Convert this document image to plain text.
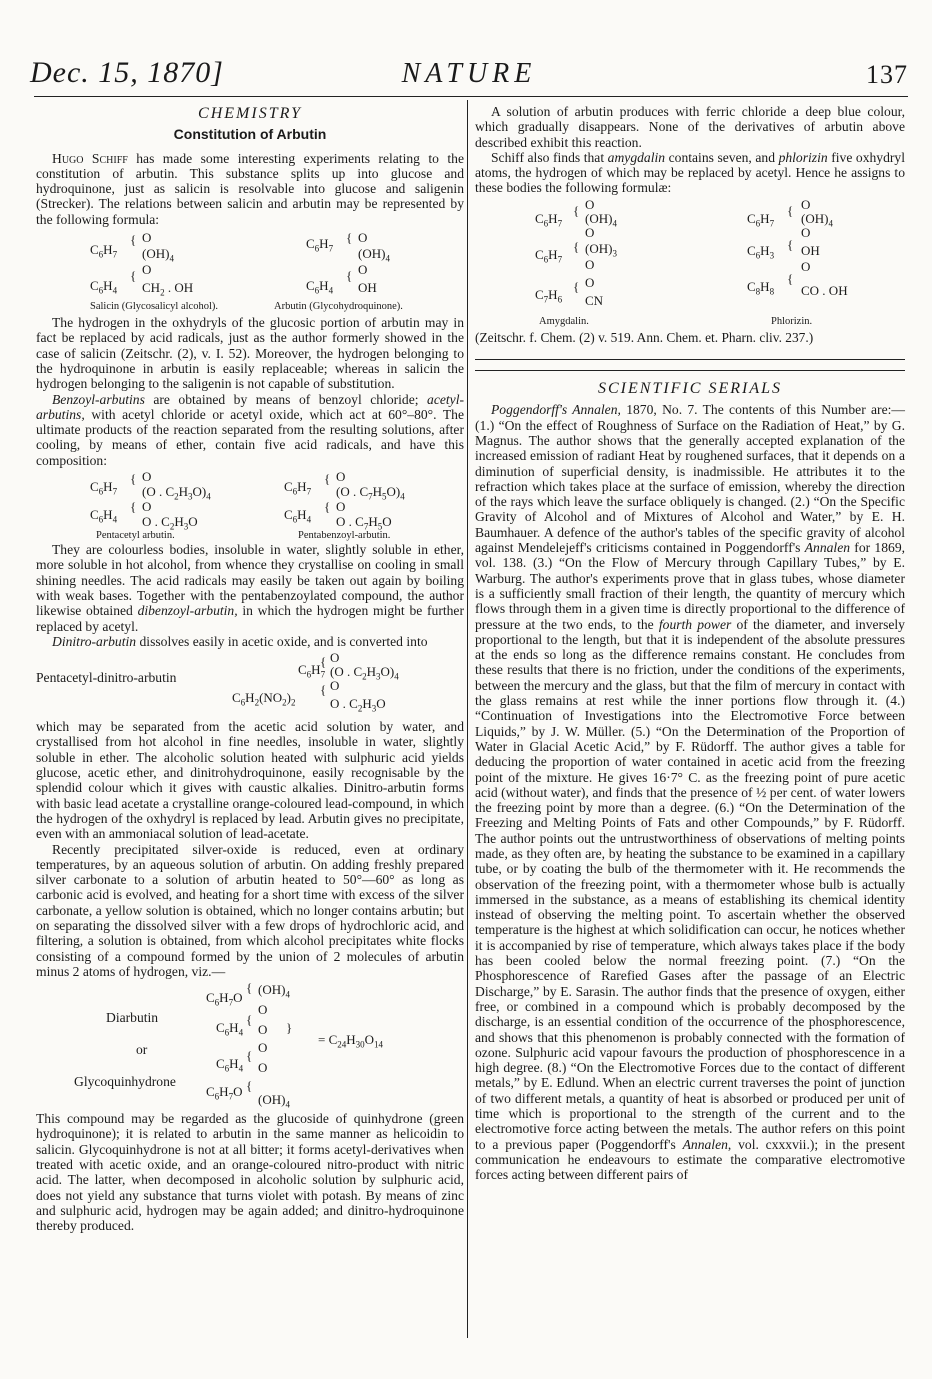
Dec. 15, 1870]	NATURE	137
CHEMISTRY
Constitution of Arbutin

Hugo Schiff has made some interesting experiments relating to the constitution of arbutin. This substance splits up into glucose and hydroquinone, just as salicin is resolvable into glucose and saligenin (Strecker). The relations between salicin and arbutin may be represented by the following formula:

$C_6H_7$
{ O
$(OH)_4$
O
$C_6H_4$
{
$CH_2$ . OH
$C_6H_7$
{ O
$(OH)_4$
O
$C_6H_4$
{
OH
Salicin (Glycosalicyl alcohol).	Arbutin (Glycohydroquinone).

The hydrogen in the oxhydryls of the glucosic portion of arbutin may in fact be replaced by acid radicals, just as the author formerly showed in the case of salicin (Zeitschr. (2), v. I. 52). Moreover, the hydrogen belonging to the hydroquinone in arbutin is easily replaceable; whereas in salicin the hydrogen belonging to the saligenin is not capable of substitution.

Benzoyl-arbutins are obtained by means of benzoyl chloride; acetyl-arbutins, with acetyl chloride or acetyl oxide, which act at 60°–80°. The ultimate products of the reaction separated from the resulting solutions, after cooling, by means of ether, contain five acid radicals, and have this composition:

$C_6H_7$
{ O
(O . $C_2H_3O)_4$
O
$C_6H_4$
{
O . $C_2H_3O$
$C_6H_7$
{ O
(O . $C_7H_5O)_4$
O
$C_6H_4$
{
O . $C_7H_5O$
Pentacetyl arbutin.	Pentabenzoyl-arbutin.

They are colourless bodies, insoluble in water, slightly soluble in ether, more soluble in hot alcohol, from whence they crystallise on cooling in small shining needles. The acid radicals may easily be taken out again by boiling with weak bases. Together with the pentabenzoylated compound, the author likewise obtained dibenzoyl-arbutin, in which the hydrogen might be further replaced by acetyl.

Dinitro-arbutin dissolves easily in acetic oxide, and is converted into

Pentacetyl-dinitro-arbutin
O
$C_6H_7$
{
(O . $C_2H_3O)_4$
O
$C_6H_2(NO_2)_2$
{
O . $C_2H_3O$

which may be separated from the acetic acid solution by water, and crystallised from hot alcohol in fine needles, insoluble in water, slightly soluble in ether. The alcoholic solution heated with sulphuric acid yields glucose, acetic ether, and dinitrohydroquinone, easily recognisable by the splendid colour which it gives with caustic alkalies. Dinitro-arbutin forms with basic lead acetate a crystalline orange-coloured lead-compound, in which the hydrogen of the oxhydryl is replaced by lead. Arbutin gives no precipitate, even with an ammoniacal solution of lead-acetate.

Recently precipitated silver-oxide is reduced, even at ordinary temperatures, by an aqueous solution of arbutin. On adding freshly prepared silver carbonate to a solution of arbutin heated to 50°—60° as long as carbonic acid is evolved, and heating for a short time with excess of the silver carbonate, a yellow solution is obtained, which no longer contains arbutin; but on separating the dissolved silver with a few drops of hydrochloric acid, and filtering, a solution is obtained, from which alcohol precipitates white flocks consisting of a compound formed by the union of 2 molecules of arbutin minus 2 atoms of hydrogen, viz.—

Diarbutin
or
Glycoquinhydrone
$C_6H_7O$
{ $(OH)_4$
O
$C_6H_4$
{
O }
O
= $C_{24}H_{30}O_{14}$
$C_6H_4$
{
O
$C_6H_7O$ {
$(OH)_4$

This compound may be regarded as the glucoside of quinhydrone (green hydroquinone); it is related to arbutin in the same manner as helicoidin to salicin. Glycoquinhydrone is not at all bitter; it forms acetyl-derivatives when treated with acetic oxide, and an orange-coloured nitro-product with nitric acid. The latter, when decomposed in alcoholic solution by sulphuric acid, does not yield any substance that turns violet with potash. By means of zinc and sulphuric acid, hydrogen may be again added; and dinitro-hydroquinone thereby produced.

A solution of arbutin produces with ferric chloride a deep blue colour, which gradually disappears. None of the derivatives of arbutin above described exhibit this reaction.

Schiff also finds that amygdalin contains seven, and phlorizin five oxhydryl atoms, the hydrogen of which may be replaced by acetyl. Hence he assigns to these bodies the following formulæ:

O
$C_6H_7$
{
$(OH)_4$
O
$C_6H_7$
{ $(OH)_3$
O
O
$C_7H_6$
{
CN
O
$C_6H_7$
{
$(OH)_4$
O
$C_6H_3$
{ OH
O
$C_8H_8$
{
CO . OH
Amygdalin.	Phlorizin.

(Zeitschr. f. Chem. (2) v. 519. Ann. Chem. et. Pharn. cliv. 237.)

SCIENTIFIC SERIALS

Poggendorff's Annalen, 1870, No. 7. The contents of this Number are:—(1.) “On the effect of Roughness of Surface on the Radiation of Heat,” by G. Magnus. The author shows that the generally accepted explanation of the increased emission of radiant Heat by roughened surfaces, that it depends on a diminution of superficial density, is inadmissible. He attributes it to the refraction which takes place at the surface of emission, whereby the direction of the rays which leave the surface obliquely is changed. (2.) “On the Specific Gravity of Alcohol and of Mixtures of Alcohol and Water,” by E. H. Baumhauer. A defence of the author's tables of the specific gravity of alcohol against Mendelejeff's criticisms contained in Poggendorff's Annalen for 1869, vol. 138. (3.) “On the Flow of Mercury through Capillary Tubes,” by E. Warburg. The author's experiments prove that in glass tubes, whose diameter is a sufficiently small fraction of their length, the quantity of mercury which flows through them in a given time is directly proportional to the difference of pressure at the two ends, to the fourth power of the diameter, and inversely proportional to the length, but that it is independent of the absolute pressures at the ends so long as the difference remains constant. He concludes from these results that there is no friction, under the conditions of the experiments, between the mercury and the glass, but that the film of mercury in contact with the glass remains at rest while the inner portions flow through it. (4.) “Continuation of Investigations into the Electromotive Force between Liquids,” by J. W. Müller. (5.) “On the Determination of the Proportion of Water in Glacial Acetic Acid,” by F. Rüdorff. The author gives a table for deducing the proportion of water contained in acetic acid from the freezing point of the mixture. He gives 16·7° C. as the freezing point of pure acetic acid (without water), and finds that the presence of ½ per cent. of water lowers the freezing point by more than a degree. (6.) “On the Determination of the Freezing and Melting Points of Fats and other Compounds,” by F. Rüdorff. The author points out the untrustworthiness of observations of melting points made, as they often are, by heating the substance to be examined in a capillary tube, or by coating the bulb of the thermometer with it. He recommends the observation of the freezing point, with a thermometer whose bulb is actually immersed in the substance, as a means of establishing its chemical identity instead of observing the melting point. To ascertain whether the observed temperature is the highest at which solidification can occur, he notices whether it is accompanied by rise of temperature, which always takes place if the body has been cooled below the normal freezing point. (7.) “On the Phosphorescence of Rarefied Gases after the passage of an Electric Discharge,” by E. Sarasin. The author finds that the presence of oxygen, either free, or combined in a compound which is probably decomposed by the discharge, is an essential condition of the occurrence of the phosphorescence, and shows that this phenomenon is probably connected with the formation of ozone. Sulphuric acid vapour favours the production of phosphorescence in a high degree. (8.) “On the Electromotive Forces due to the contact of different metals,” by E. Edlund. When an electric current traverses the point of junction of two different metals, a quantity of heat is absorbed or produced per unit of time which is proportional to the strength of the current and to the electromotive force acting between the metals. The author refers on this point to a previous paper (Poggendorff's Annalen, vol. cxxxvii.); in the present communication he endeavours to estimate the comparative electromotive forces acting between different pairs of
